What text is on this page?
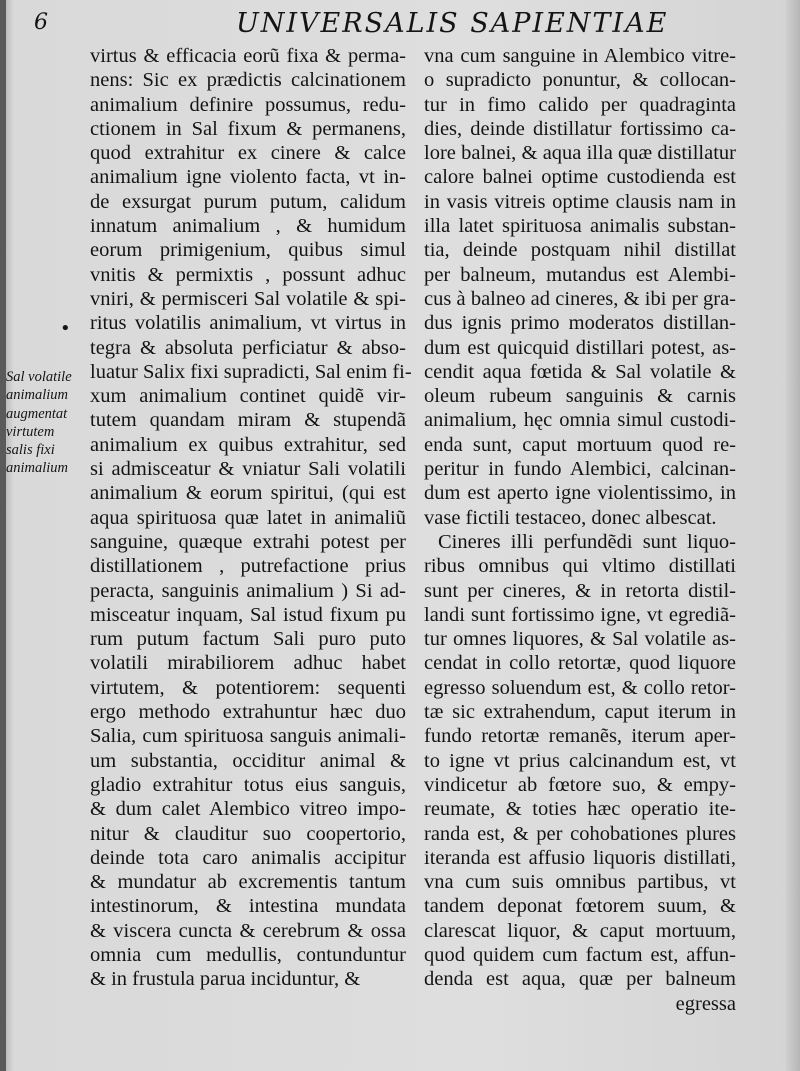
6	UNIVERSALIS SAPIENTIAE
•
Sal volatile
animalium
augmentat
virtutem
salis fixi
animalium
virtus & efficacia eorũ fixa & perma-
nens: Sic ex prædictis calcinationem
animalium definire possumus, redu-
ctionem in Sal fixum & permanens,
quod extrahitur ex cinere & calce
animalium igne violento facta, vt in-
de exsurgat purum putum, calidum
innatum animalium , & humidum
eorum primigenium, quibus simul
vnitis & permixtis , possunt adhuc
vniri, & permisceri Sal volatile & spi-
ritus volatilis animalium, vt virtus in
tegra & absoluta perficiatur & abso-
luatur Salix fixi supradicti, Sal enim fi-
xum animalium continet quidẽ vir-
tutem quandam miram & stupendã
animalium ex quibus extrahitur, sed
si admisceatur & vniatur Sali volatili
animalium & eorum spiritui, (qui est
aqua spirituosa quæ latet in animaliũ
sanguine, quæque extrahi potest per
distillationem , putrefactione prius
peracta, sanguinis animalium ) Si ad-
misceatur inquam, Sal istud fixum pu
rum putum factum Sali puro puto
volatili mirabiliorem adhuc habet
virtutem, & potentiorem: sequenti
ergo methodo extrahuntur hæc duo
Salia, cum spirituosa sanguis animali-
um substantia, occiditur animal &
gladio extrahitur totus eius sanguis,
& dum calet Alembico vitreo impo-
nitur & clauditur suo coopertorio,
deinde tota caro animalis accipitur
& mundatur ab excrementis tantum
intestinorum, & intestina mundata
& viscera cuncta & cerebrum & ossa
omnia cum medullis, contunduntur
& in frustula parua inciduntur, &
vna cum sanguine in Alembico vitre-
o supradicto ponuntur, & collocan-
tur in fimo calido per quadraginta
dies, deinde distillatur fortissimo ca-
lore balnei, & aqua illa quæ distillatur
calore balnei optime custodienda est
in vasis vitreis optime clausis nam in
illa latet spirituosa animalis substan-
tia, deinde postquam nihil distillat
per balneum, mutandus est Alembi-
cus à balneo ad cineres, & ibi per gra-
dus ignis primo moderatos distillan-
dum est quicquid distillari potest, as-
cendit aqua fœtida & Sal volatile &
oleum rubeum sanguinis & carnis
animalium, hęc omnia simul custodi-
enda sunt, caput mortuum quod re-
peritur in fundo Alembici, calcinan-
dum est aperto igne violentissimo, in
vase fictili testaceo, donec albescat.
Cineres illi perfundẽdi sunt liquo-
ribus omnibus qui vltimo distillati
sunt per cineres, & in retorta distil-
landi sunt fortissimo igne, vt egrediã-
tur omnes liquores, & Sal volatile as-
cendat in collo retortæ, quod liquore
egresso soluendum est, & collo retor-
tæ sic extrahendum, caput iterum in
fundo retortæ remanẽs, iterum aper-
to igne vt prius calcinandum est, vt
vindicetur ab fœtore suo, & empy-
reumate, & toties hæc operatio ite-
randa est, & per cohobationes plures
iteranda est affusio liquoris distillati,
vna cum suis omnibus partibus, vt
tandem deponat fœtorem suum, &
clarescat liquor, & caput mortuum,
quod quidem cum factum est, affun-
denda est aqua, quæ per balneum
egressa
